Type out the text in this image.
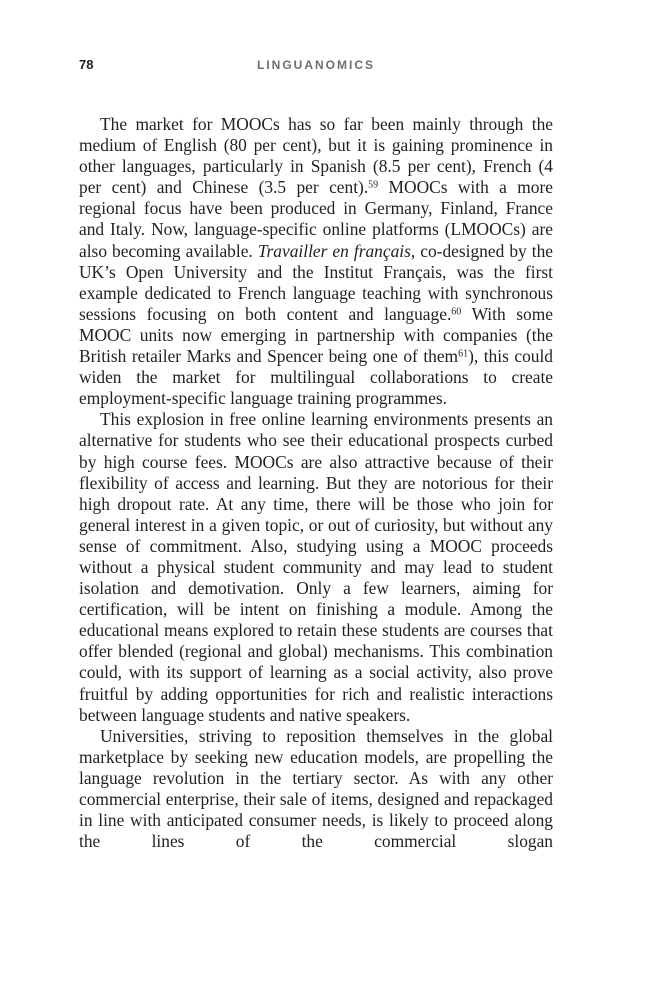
78	LINGUANOMICS

The market for MOOCs has so far been mainly through the medium of English (80 per cent), but it is gaining prominence in other languages, particularly in Spanish (8.5 per cent), French (4 per cent) and Chinese (3.5 per cent).$^{59}$ MOOCs with a more regional focus have been produced in Germany, Finland, France and Italy. Now, language-specific online platforms (LMOOCs) are also becoming available. Travailler en français, co-designed by the UK’s Open University and the Institut Français, was the first example dedicated to French language teaching with synchronous sessions focusing on both content and language.$^{60}$ With some MOOC units now emerging in partnership with companies (the British retailer Marks and Spencer being one of them$^{61}$), this could widen the market for multilingual collaborations to create employment-specific language training programmes.

This explosion in free online learning environments presents an alternative for students who see their educational prospects curbed by high course fees. MOOCs are also attractive because of their flexibility of access and learning. But they are notorious for their high dropout rate. At any time, there will be those who join for general interest in a given topic, or out of curiosity, but without any sense of commitment. Also, studying using a MOOC proceeds without a physical student community and may lead to student isolation and demotivation. Only a few learners, aiming for certification, will be intent on finishing a module. Among the educational means explored to retain these students are courses that offer blended (regional and global) mechanisms. This combination could, with its support of learning as a social activity, also prove fruitful by adding opportunities for rich and realistic interactions between language students and native speakers.

Universities, striving to reposition themselves in the global marketplace by seeking new education models, are propelling the language revolution in the tertiary sector. As with any other commercial enterprise, their sale of items, designed and repackaged in line with anticipated consumer needs, is likely to proceed along the lines of the commercial slogan
